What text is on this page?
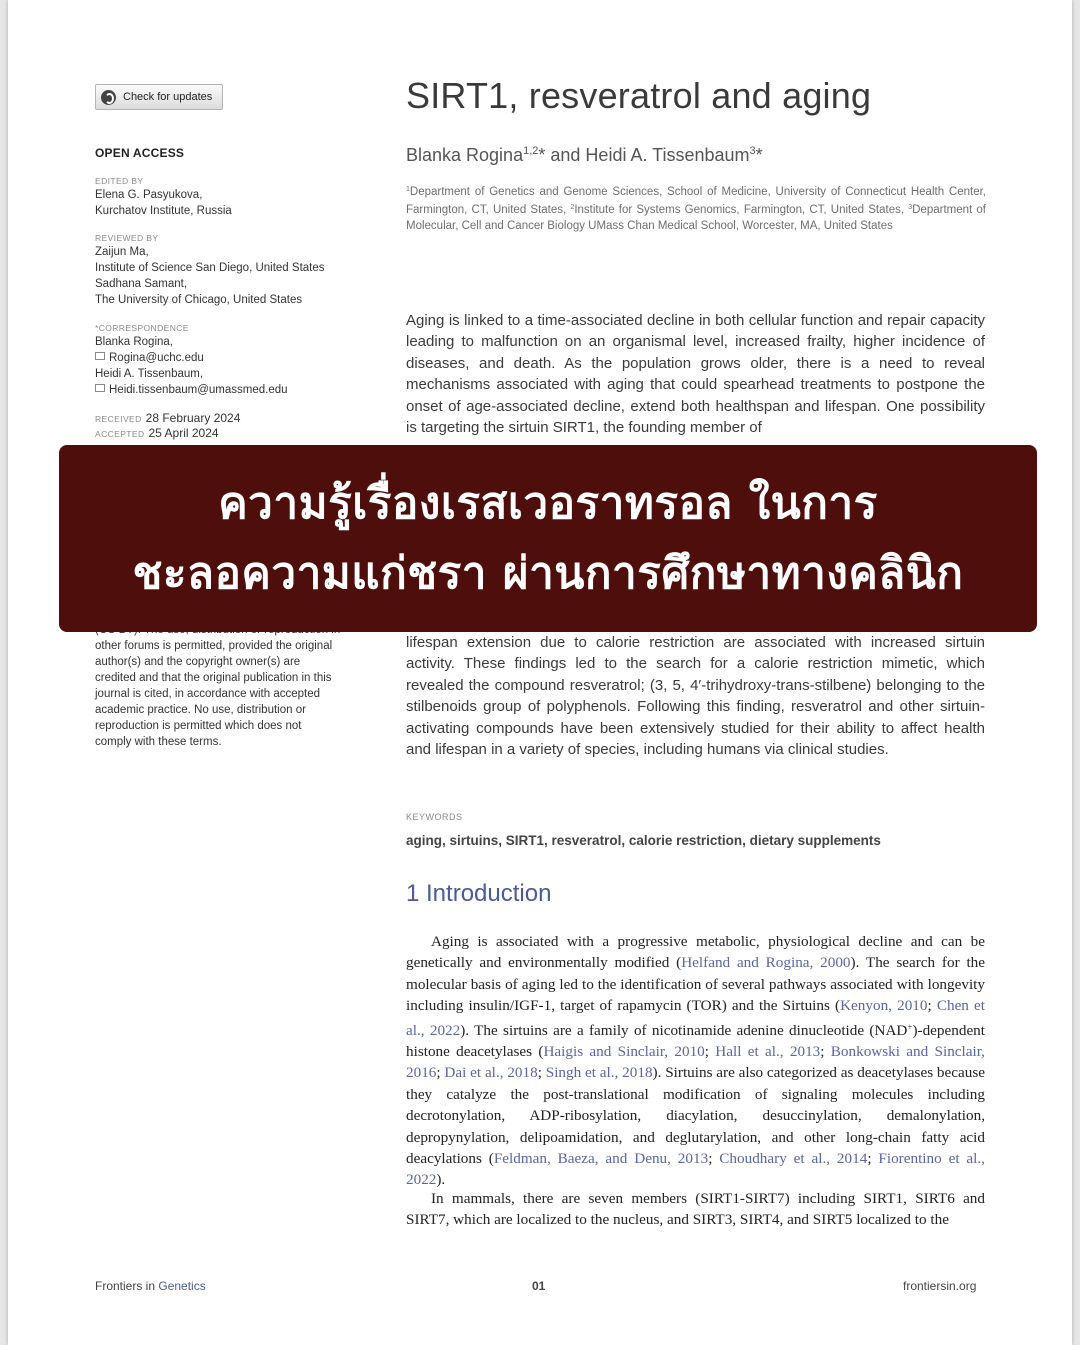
Check for updates
OPEN ACCESS
EDITED BY
Elena G. Pasyukova,
Kurchatov Institute, Russia
REVIEWED BY
Zaijun Ma,
Institute of Science San Diego, United States
Sadhana Samant,
The University of Chicago, United States
*CORRESPONDENCE
Blanka Rogina,
Rogina@uchc.edu
Heidi A. Tissenbaum,
Heidi.tissenbaum@umassmed.edu
RECEIVED 28 February 2024
ACCEPTED 25 April 2024
other forums is permitted, provided the original
author(s) and the copyright owner(s) are
credited and that the original publication in this
journal is cited, in accordance with accepted
academic practice. No use, distribution or
reproduction is permitted which does not
comply with these terms.
SIRT1, resveratrol and aging
Blanka Rogina$^{1,2}$* and Heidi A. Tissenbaum$^3$*
$^1$Department of Genetics and Genome Sciences, School of Medicine, University of Connecticut Health Center, Farmington, CT, United States, $^2$Institute for Systems Genomics, Farmington, CT, United States, $^3$Department of Molecular, Cell and Cancer Biology UMass Chan Medical School, Worcester, MA, United States
Aging is linked to a time-associated decline in both cellular function and repair capacity leading to malfunction on an organismal level, increased frailty, higher incidence of diseases, and death. As the population grows older, there is a need to reveal mechanisms associated with aging that could spearhead treatments to postpone the onset of age-associated decline, extend both healthspan and lifespan. One possibility is targeting the sirtuin SIRT1, the founding member of
lifespan extension due to calorie restriction are associated with increased sirtuin activity. These findings led to the search for a calorie restriction mimetic, which revealed the compound resveratrol; (3, 5, 4′-trihydroxy-trans-stilbene) belonging to the stilbenoids group of polyphenols. Following this finding, resveratrol and other sirtuin-activating compounds have been extensively studied for their ability to affect health and lifespan in a variety of species, including humans via clinical studies.
KEYWORDS
aging, sirtuins, SIRT1, resveratrol, calorie restriction, dietary supplements
1 Introduction
Aging is associated with a progressive metabolic, physiological decline and can be genetically and environmentally modified (Helfand and Rogina, 2000). The search for the molecular basis of aging led to the identification of several pathways associated with longevity including insulin/IGF-1, target of rapamycin (TOR) and the Sirtuins (Kenyon, 2010; Chen et al., 2022). The sirtuins are a family of nicotinamide adenine dinucleotide (NAD+)-dependent histone deacetylases (Haigis and Sinclair, 2010; Hall et al., 2013; Bonkowski and Sinclair, 2016; Dai et al., 2018; Singh et al., 2018). Sirtuins are also categorized as deacetylases because they catalyze the post-translational modification of signaling molecules including decrotonylation, ADP-ribosylation, diacylation, desuccinylation, demalonylation, depropynylation, delipoamidation, and deglutarylation, and other long-chain fatty acid deacylations (Feldman, Baeza, and Denu, 2013; Choudhary et al., 2014; Fiorentino et al., 2022).
In mammals, there are seven members (SIRT1-SIRT7) including SIRT1, SIRT6 and SIRT7, which are localized to the nucleus, and SIRT3, SIRT4, and SIRT5 localized to the
Frontiers in Genetics	01	frontiersin.org
ความรู้เรื่องเรสเวอราทรอล ในการ
ชะลอความแก่ชรา ผ่านการศึกษาทางคลินิก
